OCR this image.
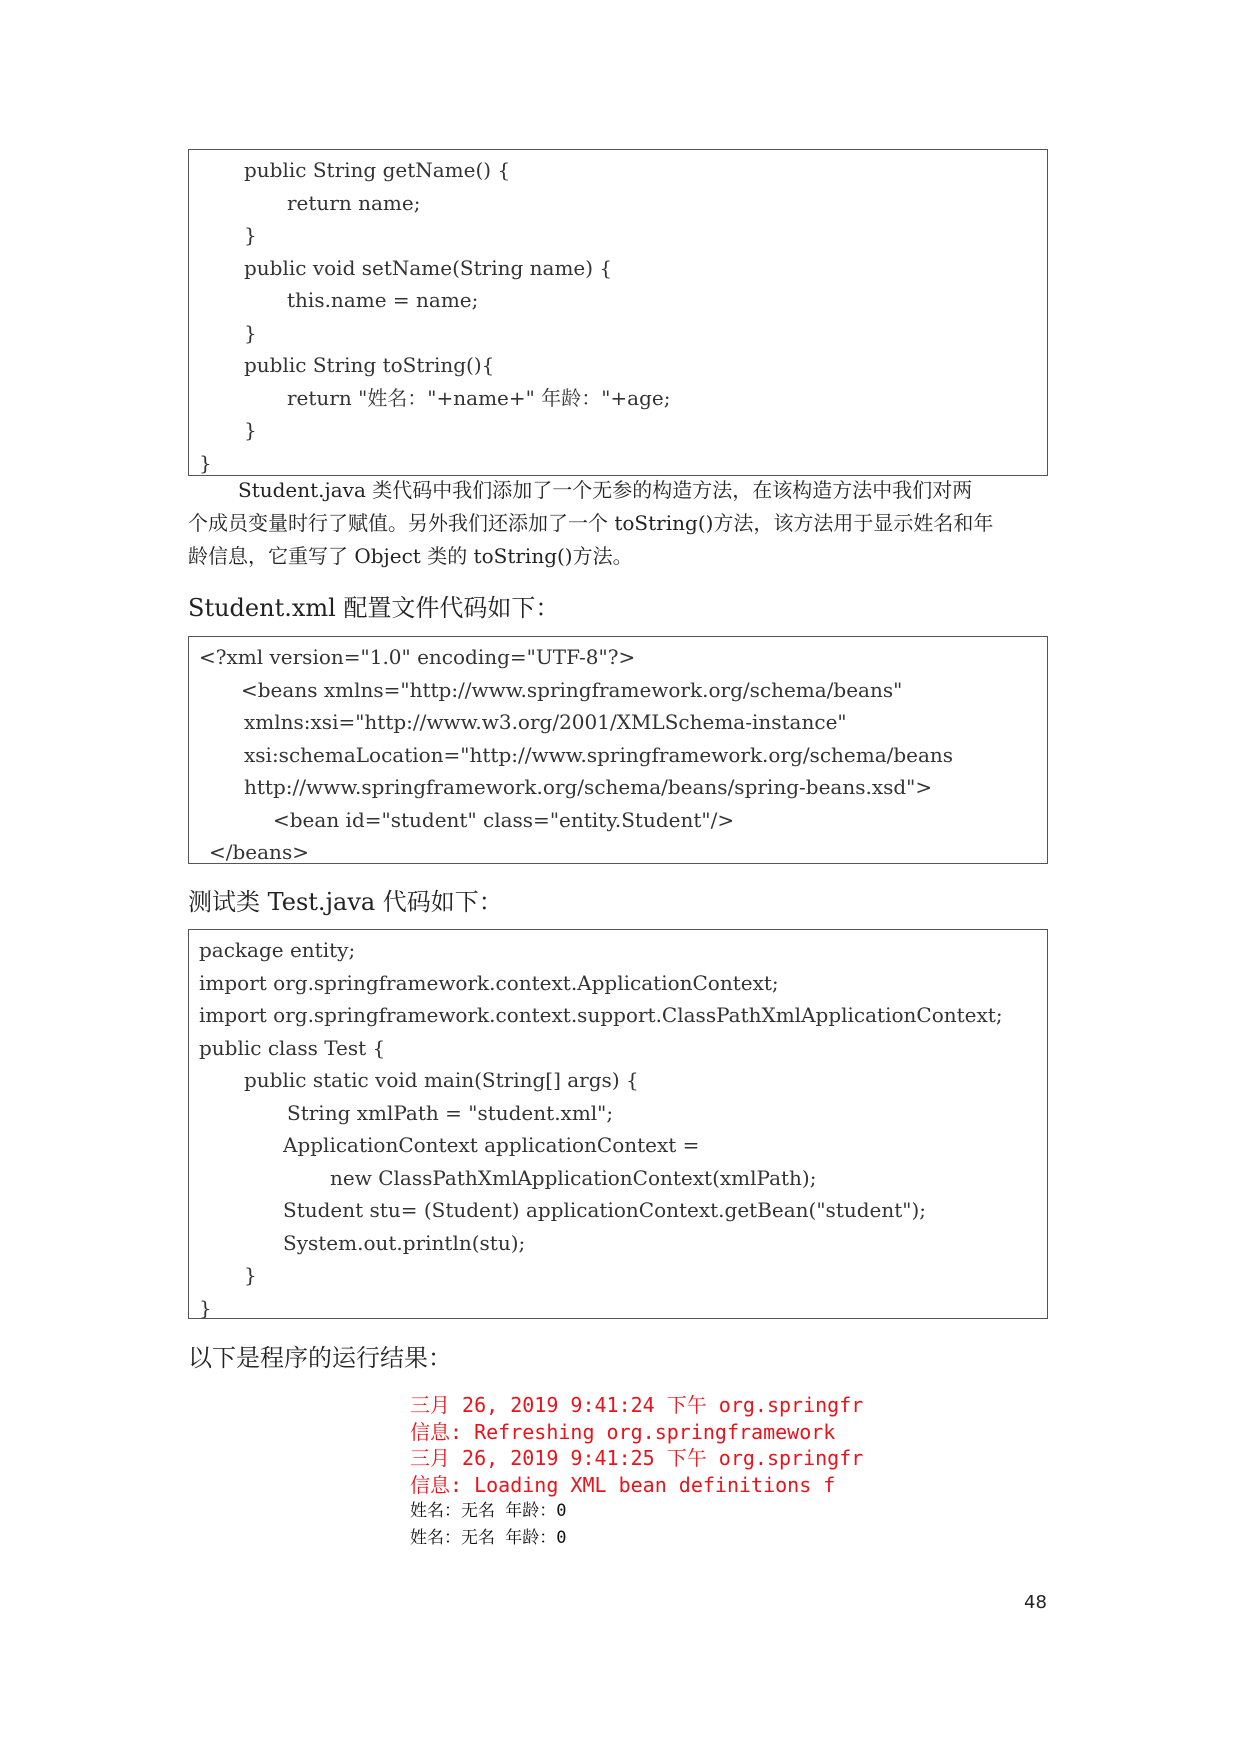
public String getName() {
return name;
}
public void setName(String name) {
this.name = name;
}
public String toString(){
return "姓名："+name+" 年龄："+age;
}
}
Student.java 类代码中我们添加了一个无参的构造方法，在该构造方法中我们对两
个成员变量时行了赋值。另外我们还添加了一个 toString()方法，该方法用于显示姓名和年
龄信息，它重写了 Object 类的 toString()方法。
Student.xml 配置文件代码如下：
<?xml version="1.0" encoding="UTF-8"?>
<beans xmlns="http://www.springframework.org/schema/beans"
xmlns:xsi="http://www.w3.org/2001/XMLSchema-instance"
xsi:schemaLocation="http://www.springframework.org/schema/beans
http://www.springframework.org/schema/beans/spring-beans.xsd">
<bean id="student" class="entity.Student"/>
</beans>
测试类 Test.java 代码如下：
package entity;
import org.springframework.context.ApplicationContext;
import org.springframework.context.support.ClassPathXmlApplicationContext;
public class Test {
public static void main(String[] args) {
String xmlPath = "student.xml";
ApplicationContext applicationContext =
new ClassPathXmlApplicationContext(xmlPath);
Student stu= (Student) applicationContext.getBean("student");
System.out.println(stu);
}
}
以下是程序的运行结果：
三月 26, 2019 9:41:24 下午 org.springfr
信息: Refreshing org.springframework
三月 26, 2019 9:41:25 下午 org.springfr
信息: Loading XML bean definitions f
姓名：无名 年龄：0
姓名：无名 年龄：0
48
